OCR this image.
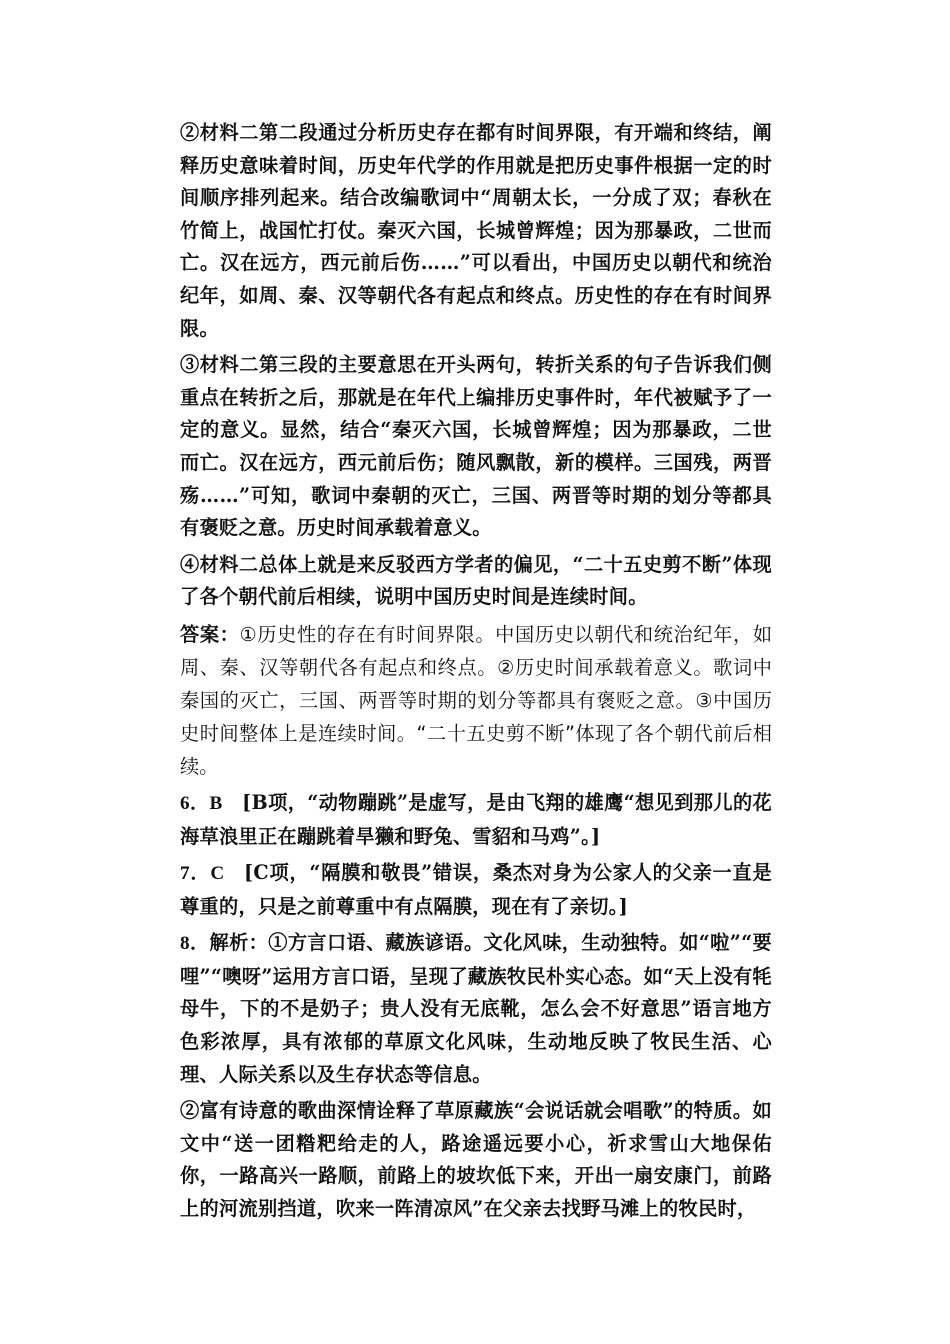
②材料二第二段通过分析历史存在都有时间界限，有开端和终结，阐释历史意味着时间，历史年代学的作用就是把历史事件根据一定的时间顺序排列起来。结合改编歌词中“周朝太长，一分成了双；春秋在竹简上，战国忙打仗。秦灭六国，长城曾辉煌；因为那暴政，二世而亡。汉在远方，西元前后伤……”可以看出，中国历史以朝代和统治纪年，如周、秦、汉等朝代各有起点和终点。历史性的存在有时间界限。

③材料二第三段的主要意思在开头两句，转折关系的句子告诉我们侧重点在转折之后，那就是在年代上编排历史事件时，年代被赋予了一定的意义。显然，结合“秦灭六国，长城曾辉煌；因为那暴政，二世而亡。汉在远方，西元前后伤；随风飘散，新的模样。三国残，两晋殇……”可知，歌词中秦朝的灭亡，三国、两晋等时期的划分等都具有褒贬之意。历史时间承载着意义。

④材料二总体上就是来反驳西方学者的偏见，“二十五史剪不断”体现了各个朝代前后相续，说明中国历史时间是连续时间。

答案：①历史性的存在有时间界限。中国历史以朝代和统治纪年，如周、秦、汉等朝代各有起点和终点。②历史时间承载着意义。歌词中秦国的灭亡，三国、两晋等时期的划分等都具有褒贬之意。③中国历史时间整体上是连续时间。“二十五史剪不断”体现了各个朝代前后相续。

6．B  [B项，“动物蹦跳”是虚写，是由飞翔的雄鹰“想见到那儿的花海草浪里正在蹦跳着旱獭和野兔、雪貂和马鸡”。]

7．C  [C项，“隔膜和敬畏”错误，桑杰对身为公家人的父亲一直是尊重的，只是之前尊重中有点隔膜，现在有了亲切。]

8．解析：①方言口语、藏族谚语。文化风味，生动独特。如“啦”“要哩”“噢呀”运用方言口语，呈现了藏族牧民朴实心态。如“天上没有牦母牛，下的不是奶子；贵人没有无底靴，怎么会不好意思”语言地方色彩浓厚，具有浓郁的草原文化风味，生动地反映了牧民生活、心理、人际关系以及生存状态等信息。

②富有诗意的歌曲深情诠释了草原藏族“会说话就会唱歌”的特质。如文中“送一团糌粑给走的人，路途遥远要小心，祈求雪山大地保佑你，一路高兴一路顺，前路上的坡坎低下来，开出一扇安康门，前路上的河流别挡道，吹来一阵清凉风”在父亲去找野马滩上的牧民时，
